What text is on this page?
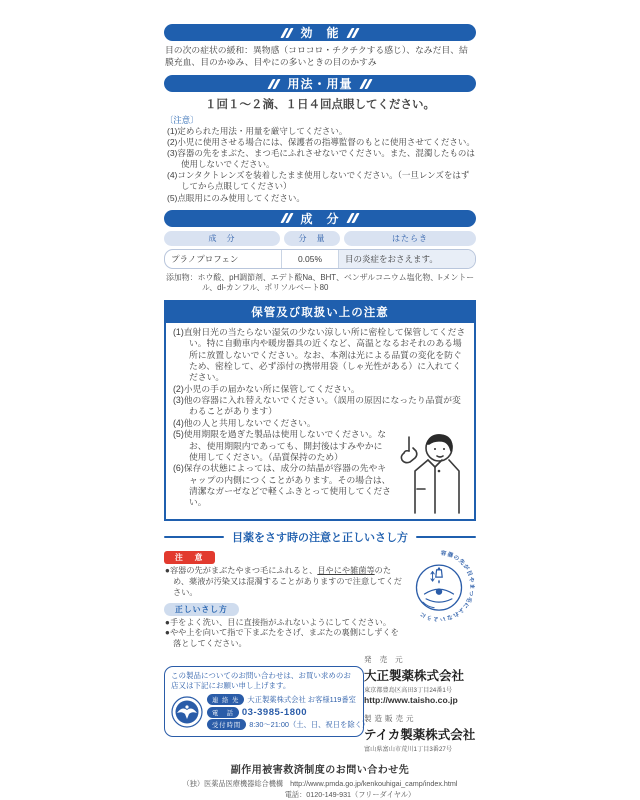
効　能
目の次の症状の緩和：異物感（コロコロ・チクチクする感じ）、なみだ目、結膜充血、目のかゆみ、目やにの多いときの目のかすみ
用法・用量
１回１～２滴、１日４回点眼してください。
〔注意〕
(1)定められた用法・用量を厳守してください。
(2)小児に使用させる場合には、保護者の指導監督のもとに使用させてください。
(3)容器の先をまぶた、まつ毛にふれさせないでください。また、混濁したものは使用しないでください。
(4)コンタクトレンズを装着したまま使用しないでください。（一旦レンズをはずしてから点眼してください）
(5)点眼用にのみ使用してください。
成　分
成　分	分　量	はたらき
プラノプロフェン	0.05%	目の炎症をおさえます。
添加物：ホウ酸、pH調節剤、エデト酸Na、BHT、ベンザルコニウム塩化物、l-メントール、dl-カンフル、ポリソルベート80
保管及び取扱い上の注意
(1)直射日光の当たらない湿気の少ない涼しい所に密栓して保管してください。特に自動車内や暖房器具の近くなど、高温となるおそれのある場所に放置しないでください。なお、本剤は光による品質の変化を防ぐため、密栓して、必ず添付の携帯用袋（しゃ光性がある）に入れてください。
(2)小児の手の届かない所に保管してください。
(3)他の容器に入れ替えないでください。（誤用の原因になったり品質が変わることがあります）
(4)他の人と共用しないでください。
(5)使用期限を過ぎた製品は使用しないでください。なお、使用期限内であっても、開封後はすみやかに使用してください。（品質保持のため）
(6)保存の状態によっては、成分の結晶が容器の先やキャップの内側につくことがあります。その場合は、清潔なガーゼなどで軽くふきとって使用してください。
目薬をさす時の注意と正しいさし方
注　意
●容器の先がまぶたやまつ毛にふれると、目やにや雑菌等のため、薬液が汚染又は混濁することがありますので注意してください。
正しいさし方
●手をよく洗い、目に直接指がふれないようにしてください。
●やや上を向いて指で下まぶたをさげ、まぶたの裏側にしずくを落としてください。
容器の先が目やまつ毛にふれないように
この製品についてのお問い合わせは、お買い求めのお店又は下記にお願い申し上げます。
連 絡 先	大正製薬株式会社 お客様119番室
電　話 03-3985-1800
受付時間	8:30～21:00（土、日、祝日を除く）
発 売 元
大正製薬株式会社
東京都豊島区高田3丁目24番1号
http://www.taisho.co.jp
製造販売元
テイカ製薬株式会社
富山県富山市荒川1丁目3番27号
副作用被害救済制度のお問い合わせ先
（独）医薬品医療機器総合機構 http://www.pmda.go.jp/kenkouhigai_camp/index.html
電話：0120-149-931（フリーダイヤル）
